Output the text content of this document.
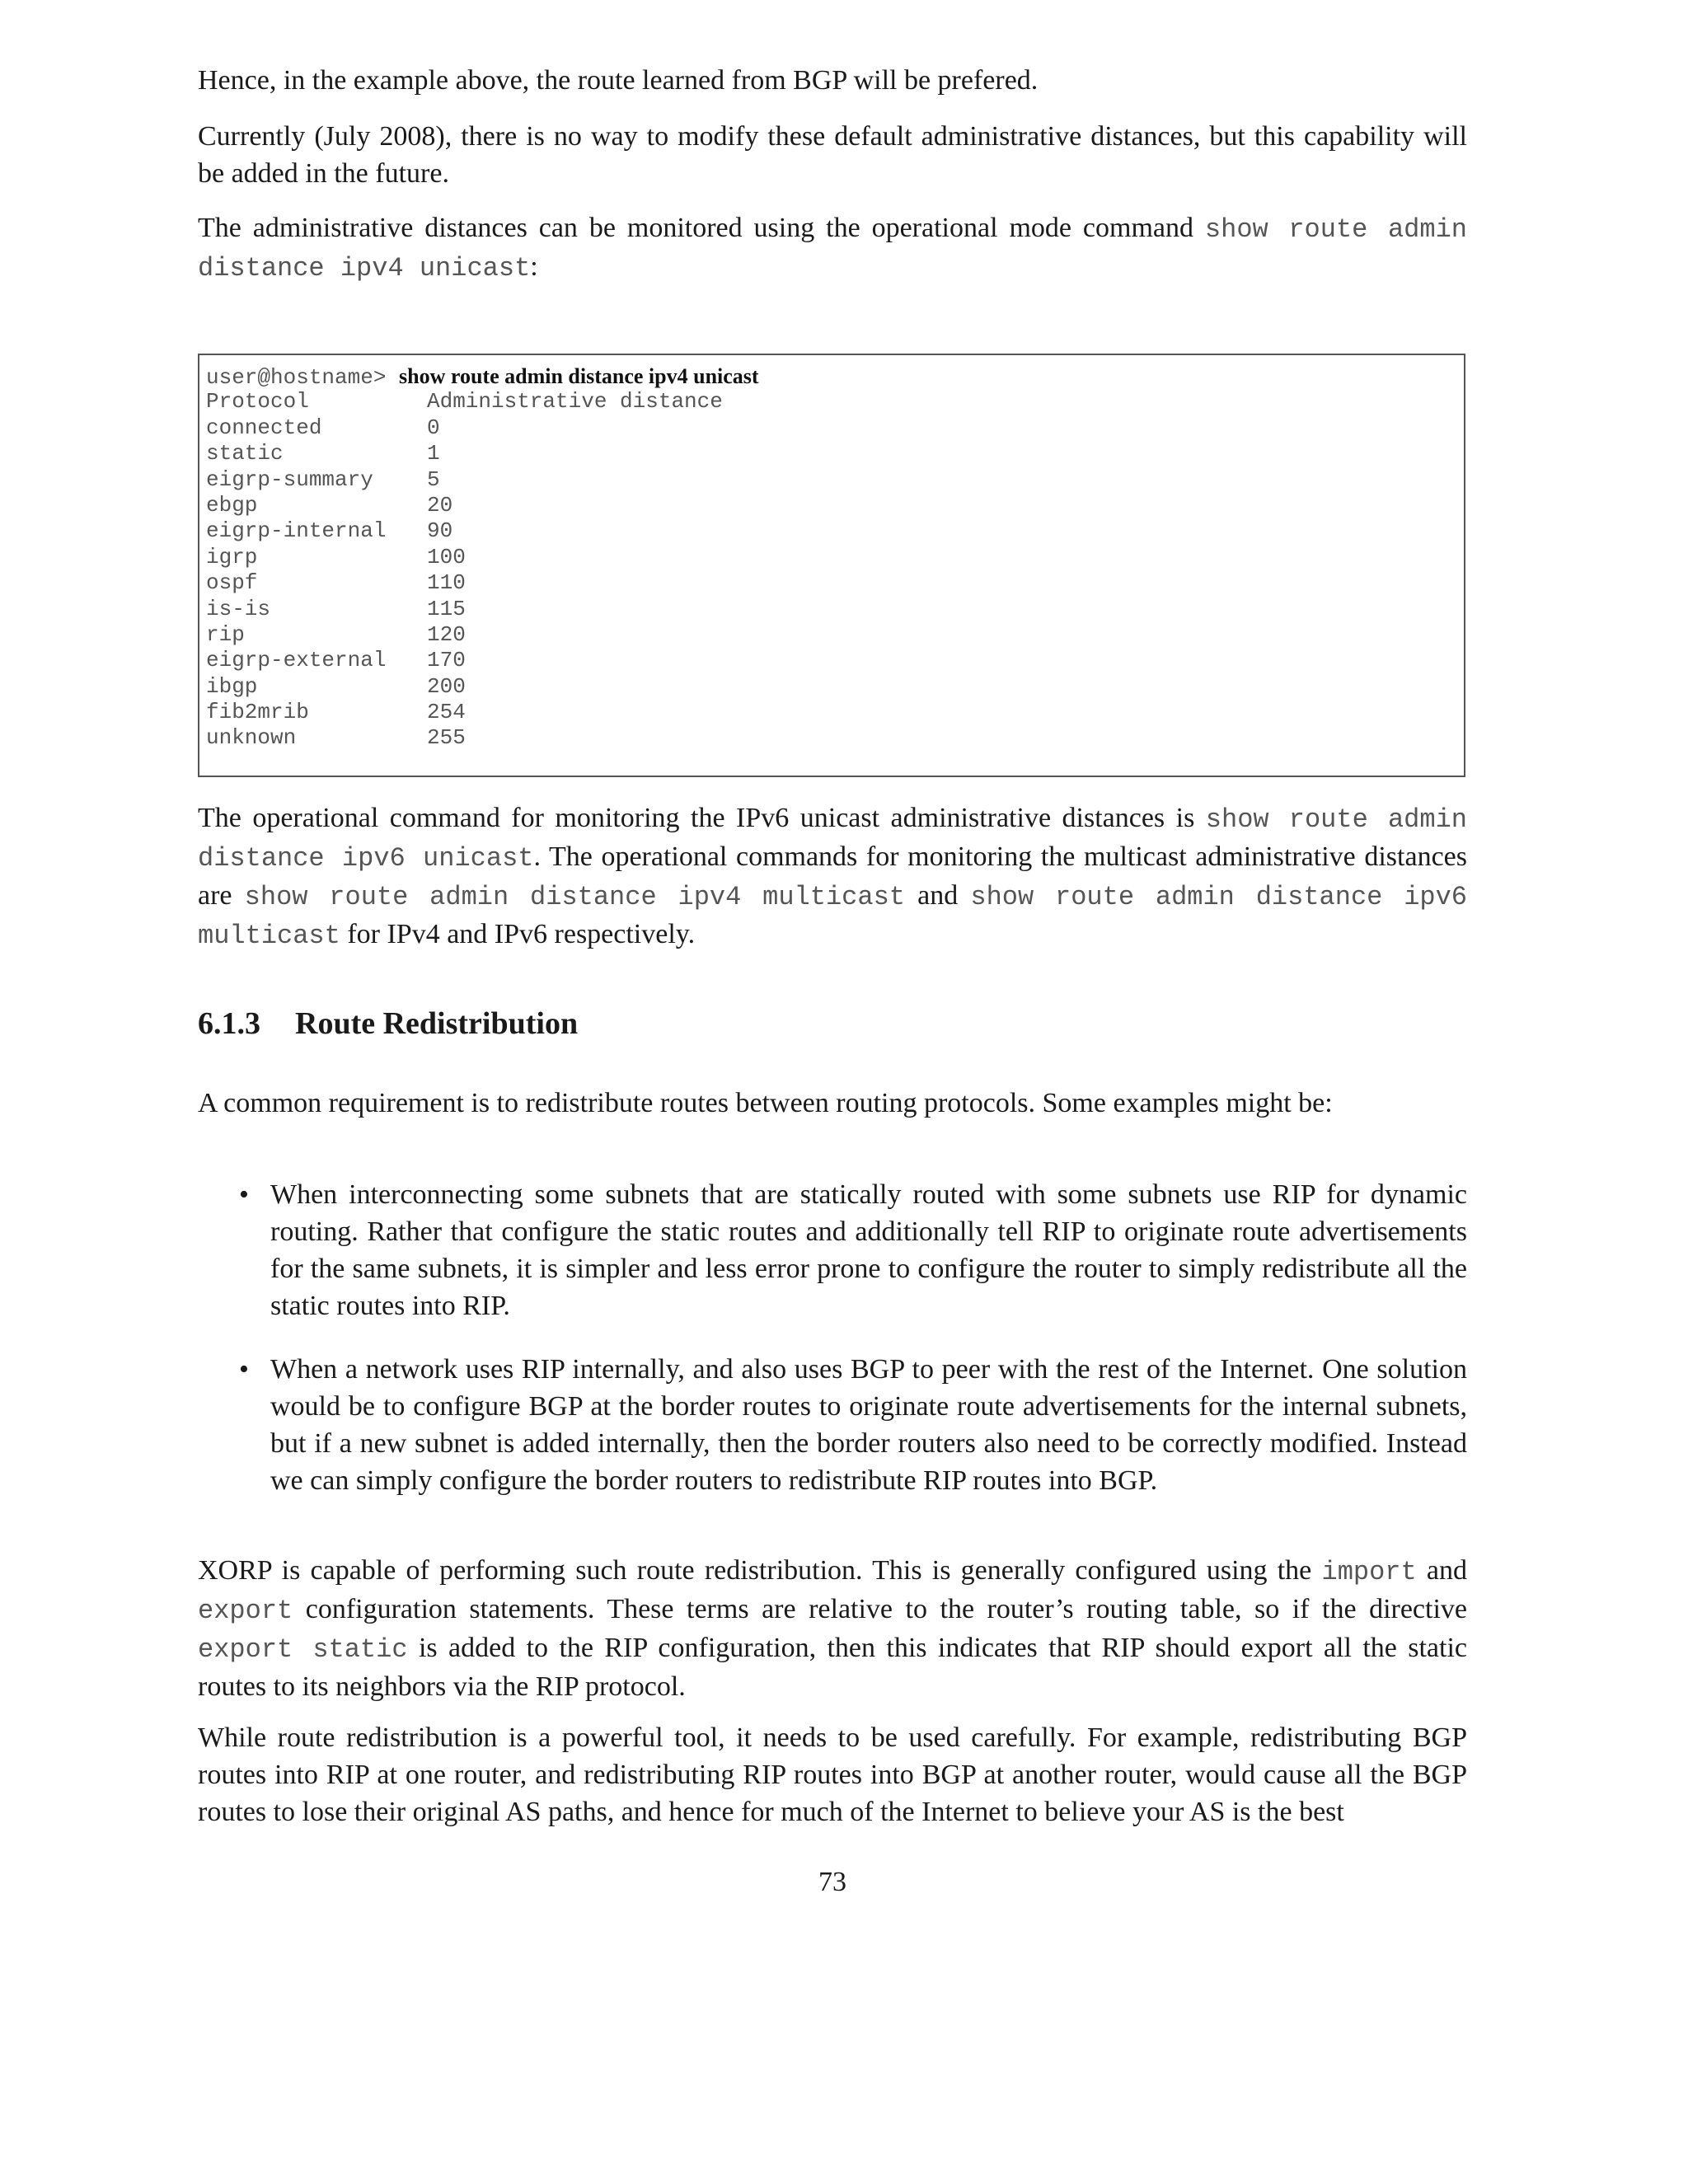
Hence, in the example above, the route learned from BGP will be prefered.

Currently (July 2008), there is no way to modify these default administrative distances, but this capability will be added in the future.

The administrative distances can be monitored using the operational mode command show route admin distance ipv4 unicast:

user@hostname> show route admin distance ipv4 unicast
Protocol	Administrative distance
connected	0
static	1
eigrp-summary	5
ebgp	20
eigrp-internal 90
igrp	100
ospf	110
is-is	115
rip	120
eigrp-external 170
ibgp	200
fib2mrib	254
unknown	255

The operational command for monitoring the IPv6 unicast administrative distances is show route admin distance ipv6 unicast. The operational commands for monitoring the multicast administrative distances are show route admin distance ipv4 multicast and show route admin distance ipv6 multicast for IPv4 and IPv6 respectively.

6.1.3 Route Redistribution

A common requirement is to redistribute routes between routing protocols. Some examples might be:

• When interconnecting some subnets that are statically routed with some subnets use RIP for dynamic routing. Rather that configure the static routes and additionally tell RIP to originate route advertisements for the same subnets, it is simpler and less error prone to configure the router to simply redistribute all the static routes into RIP.
• When a network uses RIP internally, and also uses BGP to peer with the rest of the Internet. One solution would be to configure BGP at the border routes to originate route advertisements for the internal subnets, but if a new subnet is added internally, then the border routers also need to be correctly modified. Instead we can simply configure the border routers to redistribute RIP routes into BGP.

XORP is capable of performing such route redistribution. This is generally configured using the import and export configuration statements. These terms are relative to the router’s routing table, so if the directive export static is added to the RIP configuration, then this indicates that RIP should export all the static routes to its neighbors via the RIP protocol.

While route redistribution is a powerful tool, it needs to be used carefully. For example, redistributing BGP routes into RIP at one router, and redistributing RIP routes into BGP at another router, would cause all the BGP routes to lose their original AS paths, and hence for much of the Internet to believe your AS is the best

73
